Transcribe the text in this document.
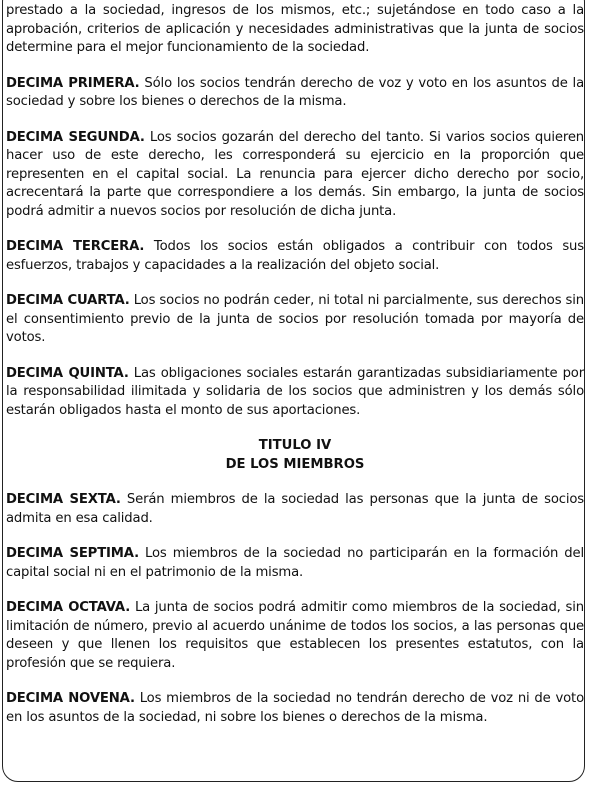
prestado a la sociedad, ingresos de los mismos, etc.; sujetándose en todo caso a la aprobación, criterios de aplicación y necesidades administrativas que la junta de socios determine para el mejor funcionamiento de la sociedad.

DECIMA PRIMERA. Sólo los socios tendrán derecho de voz y voto en los asuntos de la sociedad y sobre los bienes o derechos de la misma.

DECIMA SEGUNDA. Los socios gozarán del derecho del tanto. Si varios socios quieren hacer uso de este derecho, les corresponderá su ejercicio en la proporción que representen en el capital social. La renuncia para ejercer dicho derecho por socio, acrecentará la parte que correspondiere a los demás. Sin embargo, la junta de socios podrá admitir a nuevos socios por resolución de dicha junta.

DECIMA TERCERA. Todos los socios están obligados a contribuir con todos sus esfuerzos, trabajos y capacidades a la realización del objeto social.

DECIMA CUARTA. Los socios no podrán ceder, ni total ni parcialmente, sus derechos sin el consentimiento previo de la junta de socios por resolución tomada por mayoría de votos.

DECIMA QUINTA. Las obligaciones sociales estarán garantizadas subsidiariamente por la responsabilidad ilimitada y solidaria de los socios que administren y los demás sólo estarán obligados hasta el monto de sus aportaciones.

TITULO IV
DE LOS MIEMBROS

DECIMA SEXTA. Serán miembros de la sociedad las personas que la junta de socios admita en esa calidad.

DECIMA SEPTIMA. Los miembros de la sociedad no participarán en la formación del capital social ni en el patrimonio de la misma.

DECIMA OCTAVA. La junta de socios podrá admitir como miembros de la sociedad, sin limitación de número, previo al acuerdo unánime de todos los socios, a las personas que deseen y que llenen los requisitos que establecen los presentes estatutos, con la profesión que se requiera.

DECIMA NOVENA. Los miembros de la sociedad no tendrán derecho de voz ni de voto en los asuntos de la sociedad, ni sobre los bienes o derechos de la misma.
